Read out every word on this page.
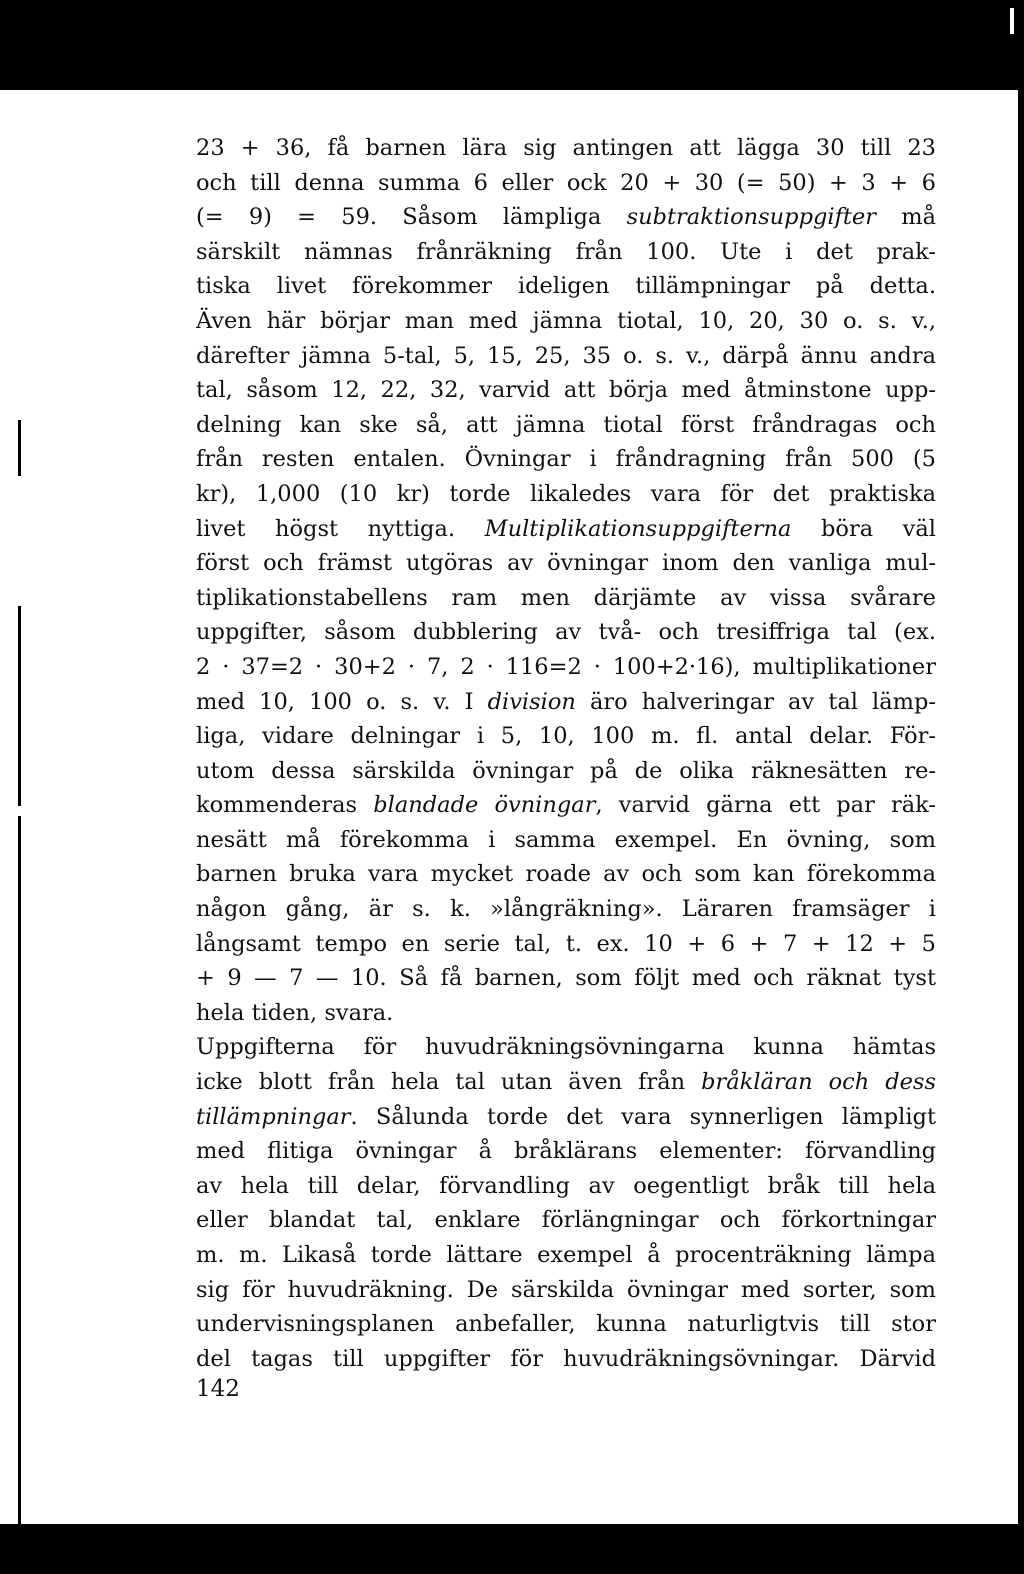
23 + 36, få barnen lära sig antingen att lägga 30 till 23
och till denna summa 6 eller ock 20 + 30 (= 50) + 3 + 6
(= 9) = 59. Såsom lämpliga subtraktionsuppgifter må
särskilt nämnas frånräkning från 100. Ute i det prak-
tiska livet förekommer ideligen tillämpningar på detta.
Även här börjar man med jämna tiotal, 10, 20, 30 o. s. v.,
därefter jämna 5-tal, 5, 15, 25, 35 o. s. v., därpå ännu andra
tal, såsom 12, 22, 32, varvid att börja med åtminstone upp-
delning kan ske så, att jämna tiotal först fråndragas och
från resten entalen. Övningar i fråndragning från 500 (5
kr), 1,000 (10 kr) torde likaledes vara för det praktiska
livet högst nyttiga. Multiplikationsuppgifterna böra väl
först och främst utgöras av övningar inom den vanliga mul-
tiplikationstabellens ram men därjämte av vissa svårare
uppgifter, såsom dubblering av två- och tresiffriga tal (ex.
2 · 37=2 · 30+2 · 7, 2 · 116=2 · 100+2·16), multiplikationer
med 10, 100 o. s. v. I division äro halveringar av tal lämp-
liga, vidare delningar i 5, 10, 100 m. fl. antal delar. För-
utom dessa särskilda övningar på de olika räknesätten re-
kommenderas blandade övningar, varvid gärna ett par räk-
nesätt må förekomma i samma exempel. En övning, som
barnen bruka vara mycket roade av och som kan förekomma
någon gång, är s. k. »långräkning». Läraren framsäger i
långsamt tempo en serie tal, t. ex. 10 + 6 + 7 + 12 + 5
+ 9 — 7 — 10. Så få barnen, som följt med och räknat tyst
hela tiden, svara.
Uppgifterna för huvudräkningsövningarna kunna hämtas
icke blott från hela tal utan även från bråkläran och dess
tillämpningar. Sålunda torde det vara synnerligen lämpligt
med flitiga övningar å bråklärans elementer: förvandling
av hela till delar, förvandling av oegentligt bråk till hela
eller blandat tal, enklare förlängningar och förkortningar
m. m. Likaså torde lättare exempel å procenträkning lämpa
sig för huvudräkning. De särskilda övningar med sorter, som
undervisningsplanen anbefaller, kunna naturligtvis till stor
del tagas till uppgifter för huvudräkningsövningar. Därvid
142
